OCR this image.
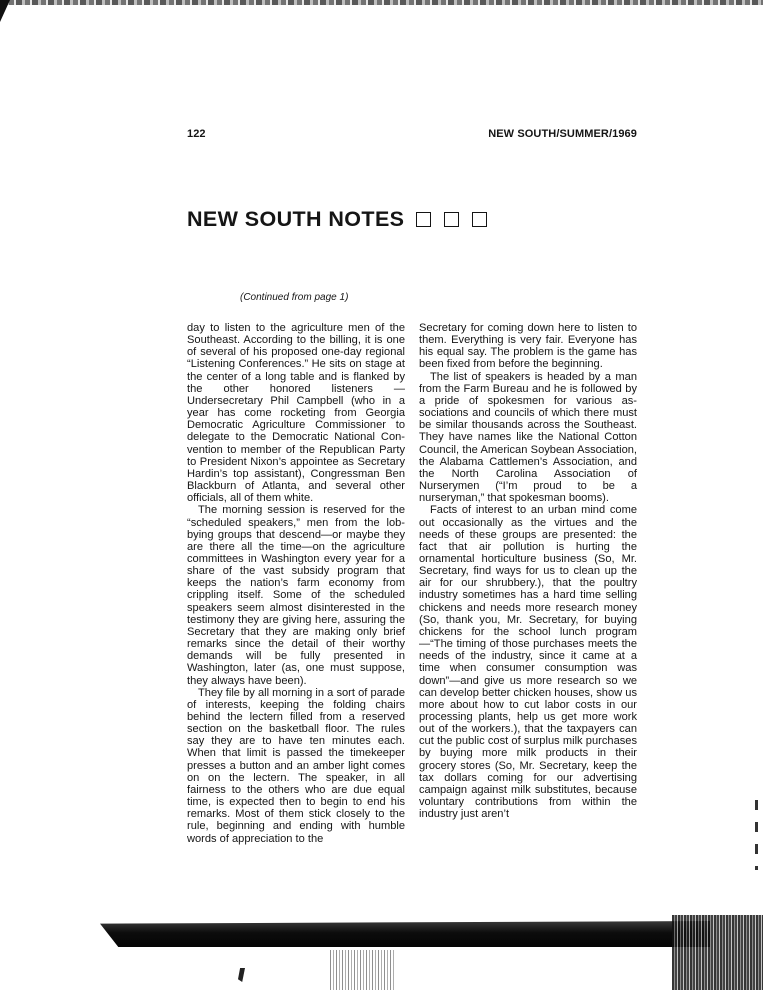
122	NEW SOUTH/SUMMER/1969
NEW SOUTH NOTES
(Continued from page 1)

day to listen to the agriculture men of the Southeast. According to the billing, it is one of several of his proposed one-day regional “Listening Conferences.” He sits on stage at the center of a long table and is flanked by the other honored listeners —Undersecretary Phil Campbell (who in a year has come rocketing from Georgia Democratic Agriculture Commissioner to delegate to the Democratic National Convention to member of the Republican Party to President Nixon’s appointee as Secretary Hardin’s top assistant), Congressman Ben Blackburn of Atlanta, and several other officials, all of them white.

The morning session is reserved for the “scheduled speakers,” men from the lobbying groups that descend—or maybe they are there all the time—on the agriculture committees in Washington every year for a share of the vast subsidy program that keeps the nation’s farm economy from crippling itself. Some of the scheduled speakers seem almost disinterested in the testimony they are giving here, assuring the Secretary that they are making only brief remarks since the detail of their worthy demands will be fully presented in Washington, later (as, one must suppose, they always have been).

They file by all morning in a sort of parade of interests, keeping the folding chairs behind the lectern filled from a reserved section on the basketball floor. The rules say they are to have ten minutes each. When that limit is passed the timekeeper presses a button and an amber light comes on on the lectern. The speaker, in all fairness to the others who are due equal time, is expected then to begin to end his remarks. Most of them stick closely to the rule, beginning and ending with humble words of appreciation to the

Secretary for coming down here to listen to them. Everything is very fair. Everyone has his equal say. The problem is the game has been fixed from before the beginning.

The list of speakers is headed by a man from the Farm Bureau and he is followed by a pride of spokesmen for various associations and councils of which there must be similar thousands across the Southeast. They have names like the National Cotton Council, the American Soybean Association, the Alabama Cattlemen’s Association, and the North Carolina Association of Nurserymen (“I’m proud to be a nurseryman,” that spokesman booms).

Facts of interest to an urban mind come out occasionally as the virtues and the needs of these groups are presented: the fact that air pollution is hurting the ornamental horticulture business (So, Mr. Secretary, find ways for us to clean up the air for our shrubbery.), that the poultry industry sometimes has a hard time selling chickens and needs more research money (So, thank you, Mr. Secretary, for buying chickens for the school lunch program—“The timing of those purchases meets the needs of the industry, since it came at a time when consumer consumption was down”—and give us more research so we can develop better chicken houses, show us more about how to cut labor costs in our processing plants, help us get more work out of the workers.), that the taxpayers can cut the public cost of surplus milk purchases by buying more milk products in their grocery stores (So, Mr. Secretary, keep the tax dollars coming for our advertising campaign against milk substitutes, because voluntary contributions from within the industry just aren’t
